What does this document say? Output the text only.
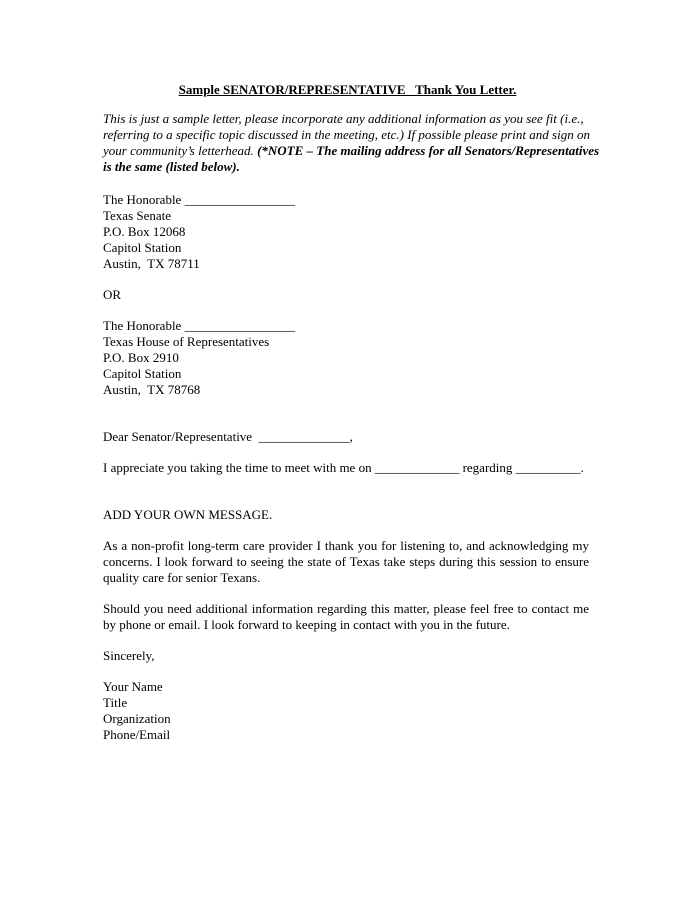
Sample SENATOR/REPRESENTATIVE   Thank You Letter.
This is just a sample letter, please incorporate any additional information as you see fit (i.e., referring to a specific topic discussed in the meeting, etc.) If possible please print and sign on your community’s letterhead. (*NOTE – The mailing address for all Senators/Representatives is the same (listed below).
The Honorable _________________
Texas Senate
P.O. Box 12068
Capitol Station
Austin,  TX 78711
OR
The Honorable _________________
Texas House of Representatives
P.O. Box 2910
Capitol Station
Austin,  TX 78768
Dear Senator/Representative  ______________,
I appreciate you taking the time to meet with me on _____________ regarding __________.
ADD YOUR OWN MESSAGE.
As a non-profit long-term care provider I thank you for listening to, and acknowledging my concerns. I look forward to seeing the state of Texas take steps during this session to ensure quality care for senior Texans.
Should you need additional information regarding this matter, please feel free to contact me by phone or email. I look forward to keeping in contact with you in the future.
Sincerely,
Your Name
Title
Organization
Phone/Email
